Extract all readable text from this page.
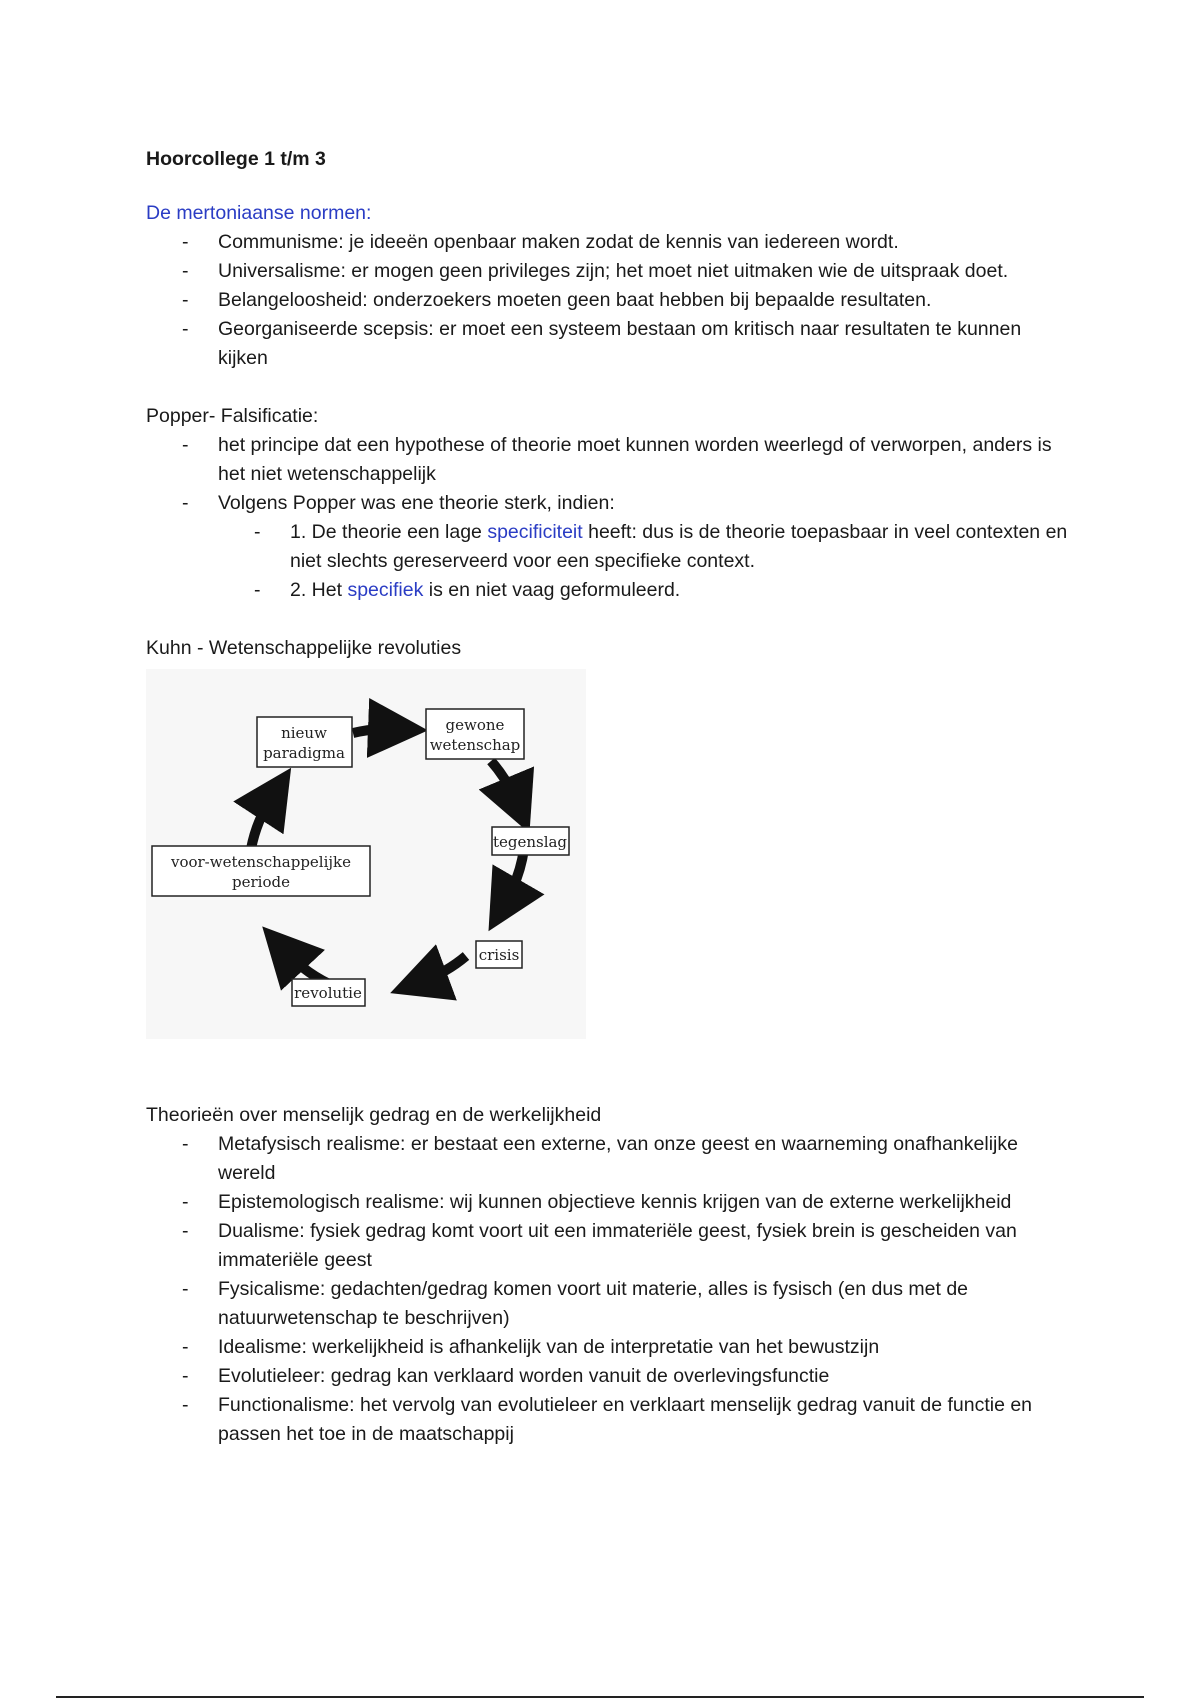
Hoorcollege 1 t/m 3

De mertoniaanse normen:

- Communisme: je ideeën openbaar maken zodat de kennis van iedereen wordt.
- Universalisme: er mogen geen privileges zijn; het moet niet uitmaken wie de uitspraak doet.
- Belangeloosheid: onderzoekers moeten geen baat hebben bij bepaalde resultaten.
- Georganiseerde scepsis: er moet een systeem bestaan om kritisch naar resultaten te kunnen kijken

Popper- Falsificatie:

- het principe dat een hypothese of theorie moet kunnen worden weerlegd of verworpen, anders is het niet wetenschappelijk
- Volgens Popper was ene theorie sterk, indien:
- 1. De theorie een lage specificiteit heeft: dus is de theorie toepasbaar in veel contexten en niet slechts gereserveerd voor een specifieke context.
- 2. Het specifiek is en niet vaag geformuleerd.

Kuhn - Wetenschappelijke revoluties

nieuw
paradigma
gewone
wetenschap
tegenslag
voor-wetenschappelijke
periode
crisis
revolutie

Theorieën over menselijk gedrag en de werkelijkheid

- Metafysisch realisme: er bestaat een externe, van onze geest en waarneming onafhankelijke wereld
- Epistemologisch realisme: wij kunnen objectieve kennis krijgen van de externe werkelijkheid
- Dualisme: fysiek gedrag komt voort uit een immateriële geest, fysiek brein is gescheiden van immateriële geest
- Fysicalisme: gedachten/gedrag komen voort uit materie, alles is fysisch (en dus met de natuurwetenschap te beschrijven)
- Idealisme: werkelijkheid is afhankelijk van de interpretatie van het bewustzijn
- Evolutieleer: gedrag kan verklaard worden vanuit de overlevingsfunctie
- Functionalisme: het vervolg van evolutieleer en verklaart menselijk gedrag vanuit de functie en passen het toe in de maatschappij
